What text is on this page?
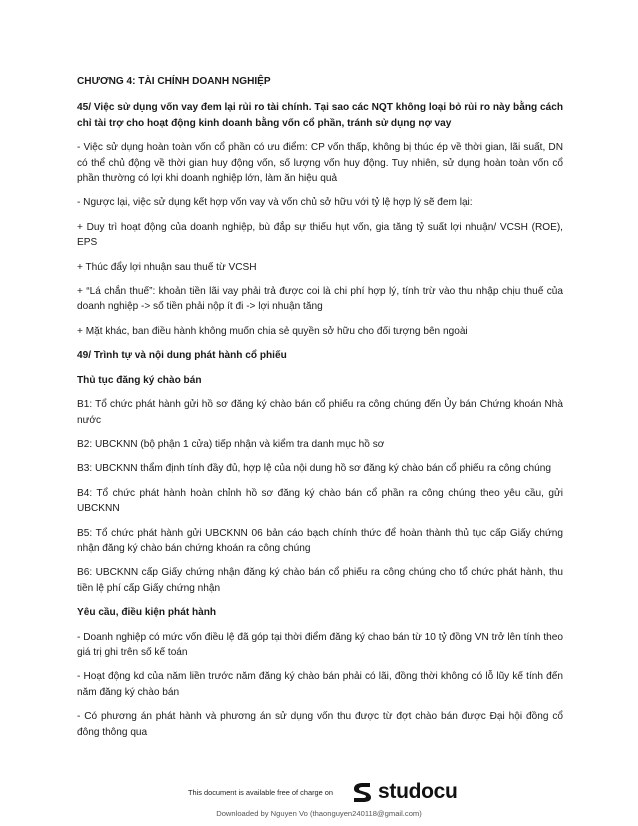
CHƯƠNG 4: TÀI CHÍNH DOANH NGHIỆP

45/ Việc sử dụng vốn vay đem lại rủi ro tài chính. Tại sao các NQT không loại bỏ rủi ro này bằng cách chỉ tài trợ cho hoạt động kinh doanh bằng vốn cổ phần, tránh sử dụng nợ vay

- Việc sử dụng hoàn toàn vốn cổ phần có ưu điểm: CP vốn thấp, không bị thúc ép về thời gian, lãi suất, DN có thể chủ động về thời gian huy động vốn, số lượng vốn huy động. Tuy nhiên, sử dụng hoàn toàn vốn cổ phần thường có lợi khi doanh nghiệp lớn, làm ăn hiệu quả

- Ngược lại, việc sử dụng kết hợp vốn vay và vốn chủ sở hữu với tỷ lệ hợp lý sẽ đem lại:

+ Duy trì hoạt động của doanh nghiệp, bù đắp sự thiếu hụt vốn, gia tăng tỷ suất lợi nhuận/ VCSH (ROE), EPS

+ Thúc đẩy lợi nhuận sau thuế từ VCSH

+ “Lá chắn thuế”: khoản tiền lãi vay phải trả được coi là chi phí hợp lý, tính trừ vào thu nhập chịu thuế của doanh nghiệp -> số tiền phải nộp ít đi -> lợi nhuận tăng

+ Mặt khác, ban điều hành không muốn chia sẻ quyền sở hữu cho đối tượng bên ngoài

49/ Trình tự và nội dung phát hành cổ phiếu

Thủ tục đăng ký chào bán

B1: Tổ chức phát hành gửi hồ sơ đăng ký chào bán cổ phiếu ra công chúng đến Ủy bán Chứng khoán Nhà nước

B2: UBCKNN (bộ phận 1 cửa) tiếp nhận và kiểm tra danh mục hồ sơ

B3: UBCKNN thẩm định tính đầy đủ, hợp lệ của nội dung hồ sơ đăng ký chào bán cổ phiếu ra công chúng

B4: Tổ chức phát hành hoàn chỉnh hồ sơ đăng ký chào bán cổ phần ra công chúng theo yêu cầu, gửi UBCKNN

B5: Tổ chức phát hành gửi UBCKNN 06 bản cáo bạch chính thức để hoàn thành thủ tục cấp Giấy chứng nhận đăng ký chào bán chứng khoán ra công chúng

B6: UBCKNN cấp Giấy chứng nhận đăng ký chào bán cổ phiếu ra công chúng cho tổ chức phát hành, thu tiền lệ phí cấp Giấy chứng nhận

Yêu cầu, điều kiện phát hành

- Doanh nghiệp có mức vốn điều lệ đã góp tại thời điểm đăng ký chao bán từ 10 tỷ đồng VN trở lên tính theo giá trị ghi trên số kế toán

- Hoạt động kd của năm liền trước năm đăng ký chào bán phải có lãi, đồng thời không có lỗ lũy kế tính đến năm đăng ký chào bán

- Có phương án phát hành và phương án sử dụng vốn thu được từ đợt chào bán được Đại hội đồng cổ đông thông qua

This document is available free of charge on studocu
Downloaded by Nguyen Vo (thaonguyen240118@gmail.com)
